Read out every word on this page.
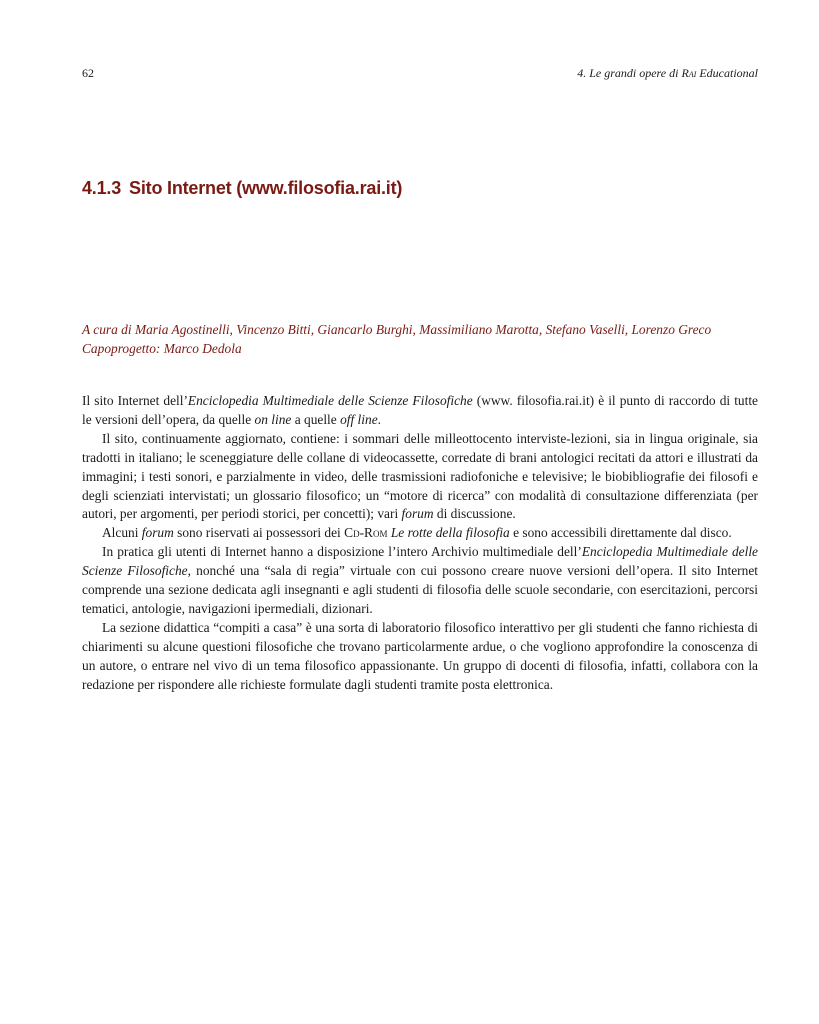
62	4. Le grandi opere di Rai Educational
4.1.3 Sito Internet (www.filosofia.rai.it)

A cura di Maria Agostinelli, Vincenzo Bitti, Giancarlo Burghi, Massimiliano Marotta, Stefano Vaselli, Lorenzo Greco

Capoprogetto: Marco Dedola

Il sito Internet dell’Enciclopedia Multimediale delle Scienze Filosofiche (www. filosofia.rai.it) è il punto di raccordo di tutte le versioni dell’opera, da quelle on line a quelle off line.

Il sito, continuamente aggiornato, contiene: i sommari delle milleottocento interviste-lezioni, sia in lingua originale, sia tradotti in italiano; le sceneggiature delle collane di videocassette, corredate di brani antologici recitati da attori e illustrati da immagini; i testi sonori, e parzialmente in video, delle trasmissioni radiofoniche e televisive; le biobibliografie dei filosofi e degli scienziati intervistati; un glossario filosofico; un “motore di ricerca” con modalità di consultazione differenziata (per autori, per argomenti, per periodi storici, per concetti); vari forum di discussione.

Alcuni forum sono riservati ai possessori dei Cd-Rom Le rotte della filosofia e sono accessibili direttamente dal disco.

In pratica gli utenti di Internet hanno a disposizione l’intero Archivio multimediale dell’Enciclopedia Multimediale delle Scienze Filosofiche, nonché una “sala di regia” virtuale con cui possono creare nuove versioni dell’opera. Il sito Internet comprende una sezione dedicata agli insegnanti e agli studenti di filosofia delle scuole secondarie, con esercitazioni, percorsi tematici, antologie, navigazioni ipermediali, dizionari.

La sezione didattica “compiti a casa” è una sorta di laboratorio filosofico interattivo per gli studenti che fanno richiesta di chiarimenti su alcune questioni filosofiche che trovano particolarmente ardue, o che vogliono approfondire la conoscenza di un autore, o entrare nel vivo di un tema filosofico appassionante. Un gruppo di docenti di filosofia, infatti, collabora con la redazione per rispondere alle richieste formulate dagli studenti tramite posta elettronica.
